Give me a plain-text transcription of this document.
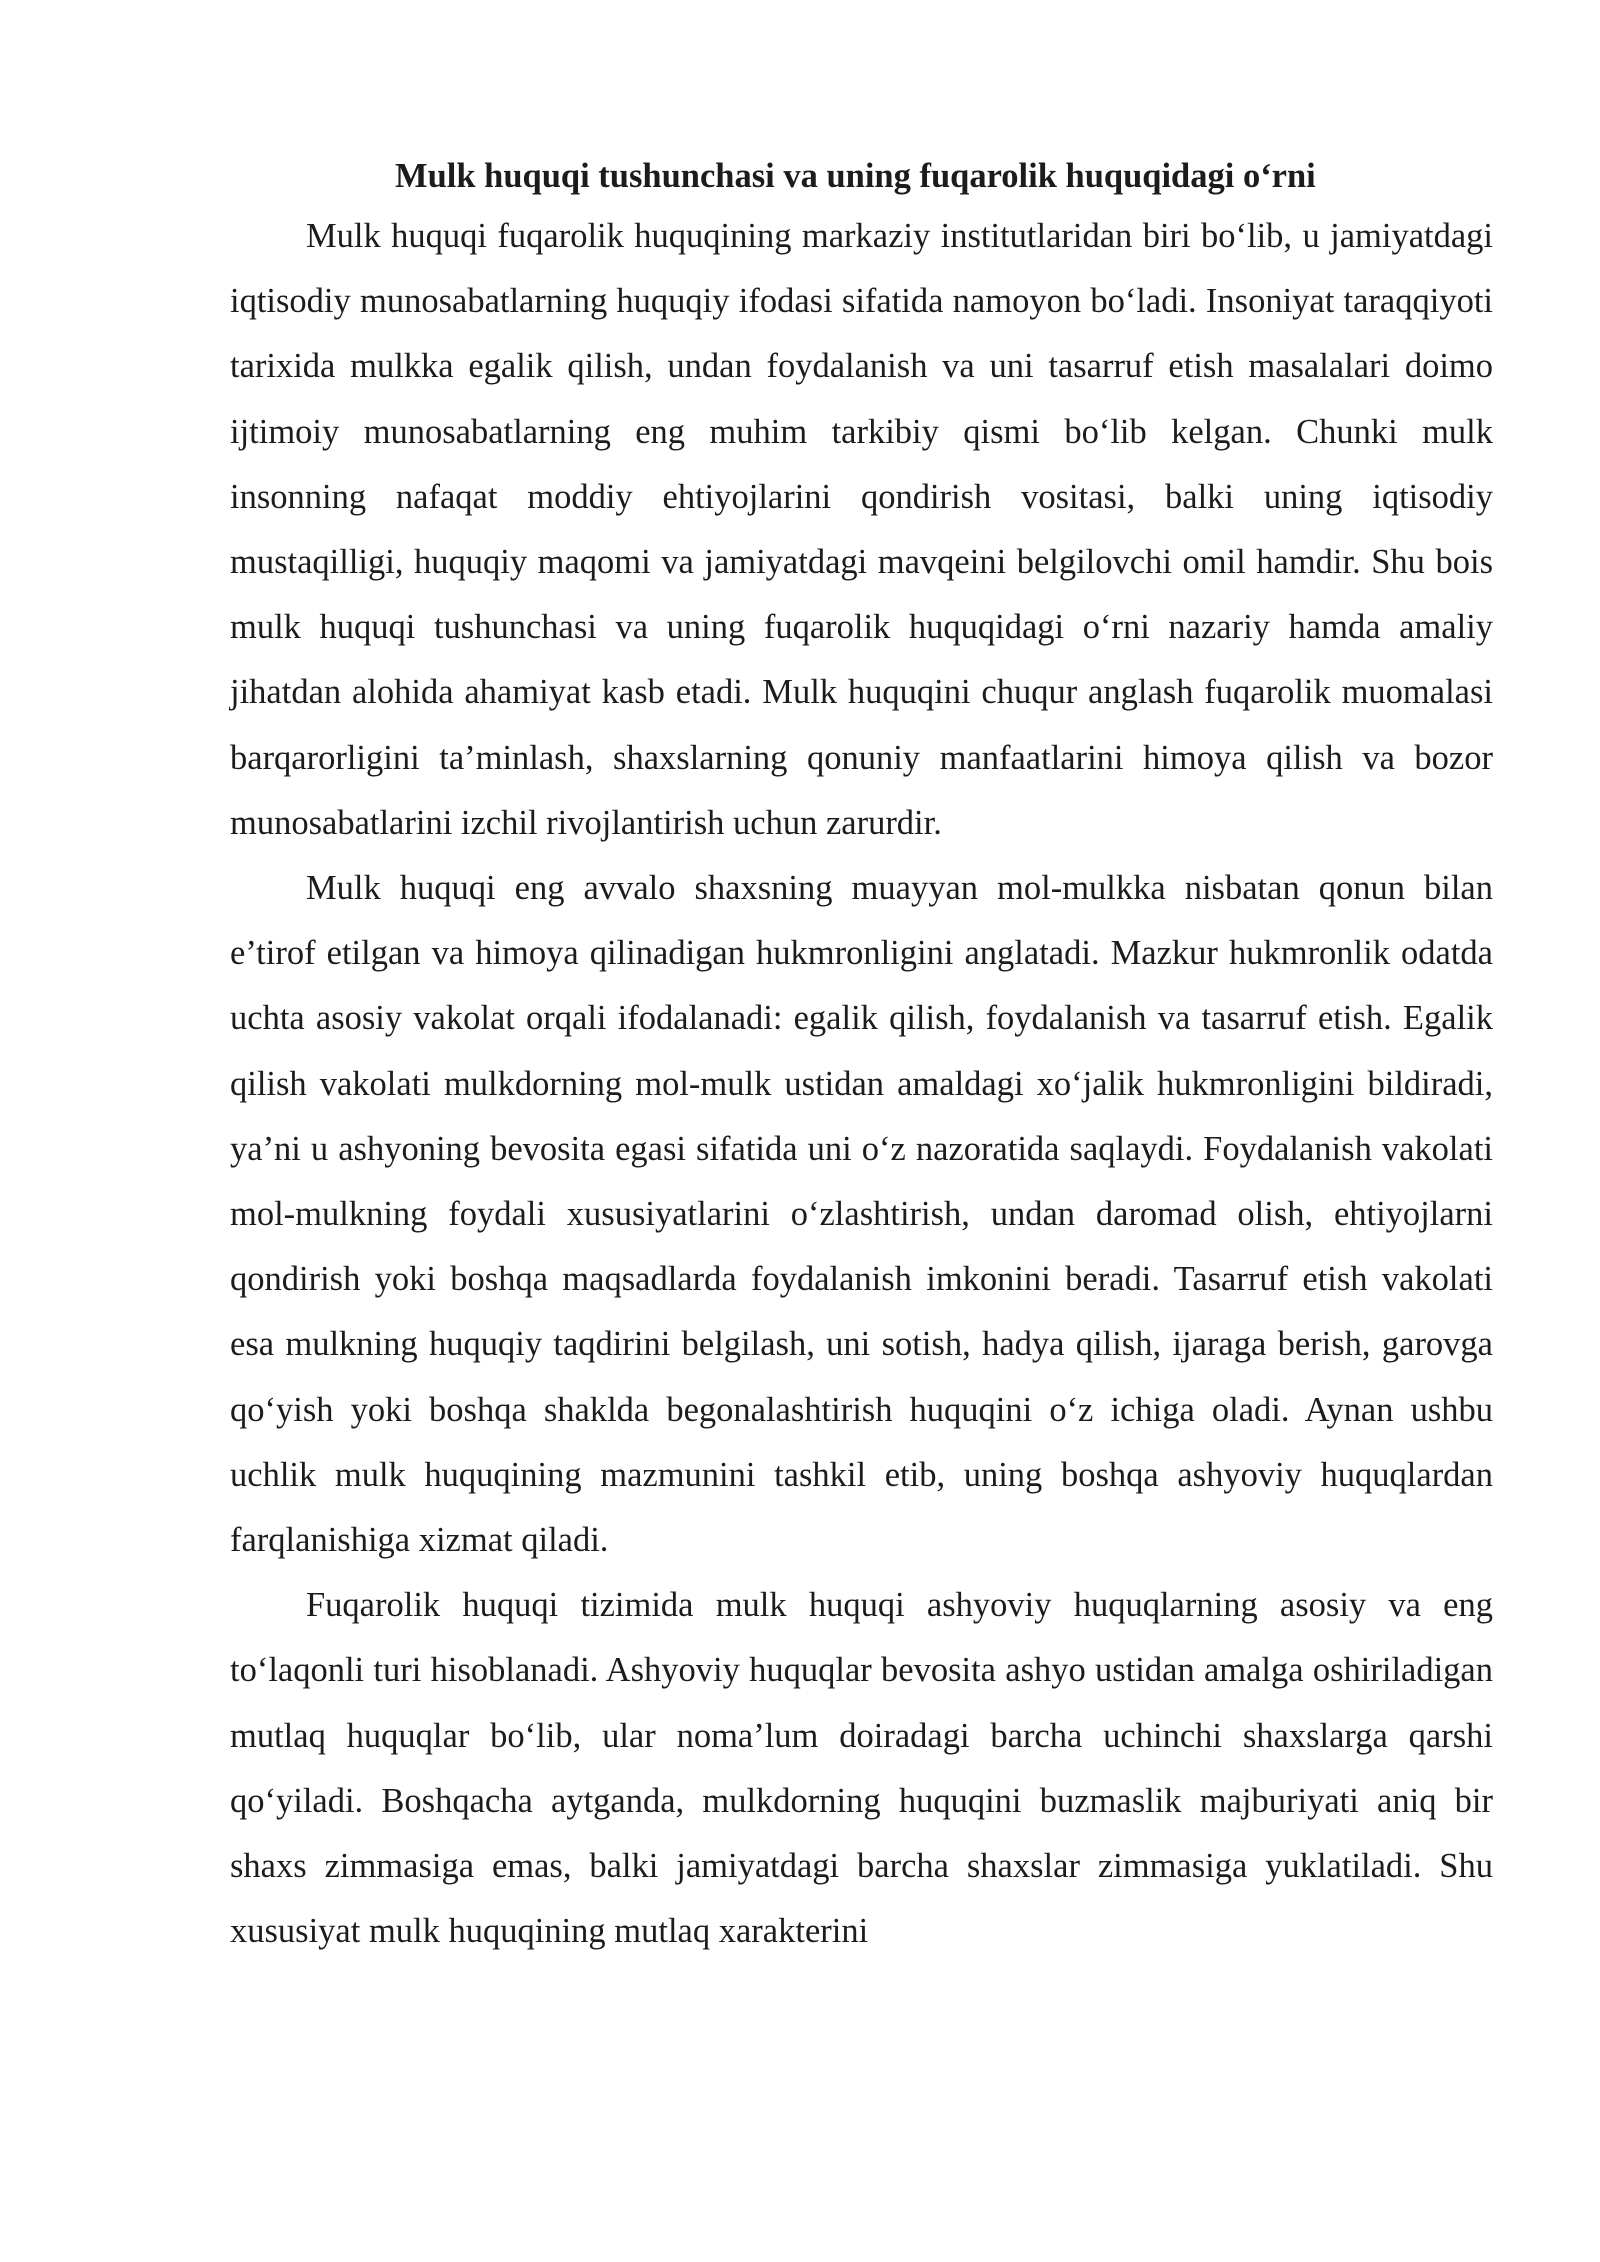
Mulk huquqi tushunchasi va uning fuqarolik huquqidagi o‘rni

Mulk huquqi fuqarolik huquqining markaziy institutlaridan biri bo‘lib, u jamiyatdagi iqtisodiy munosabatlarning huquqiy ifodasi sifatida namoyon bo‘ladi. Insoniyat taraqqiyoti tarixida mulkka egalik qilish, undan foydalanish va uni tasarruf etish masalalari doimo ijtimoiy munosabatlarning eng muhim tarkibiy qismi bo‘lib kelgan. Chunki mulk insonning nafaqat moddiy ehtiyojlarini qondirish vositasi, balki uning iqtisodiy mustaqilligi, huquqiy maqomi va jamiyatdagi mavqeini belgilovchi omil hamdir. Shu bois mulk huquqi tushunchasi va uning fuqarolik huquqidagi o‘rni nazariy hamda amaliy jihatdan alohida ahamiyat kasb etadi. Mulk huquqini chuqur anglash fuqarolik muomalasi barqarorligini ta’minlash, shaxslarning qonuniy manfaatlarini himoya qilish va bozor munosabatlarini izchil rivojlantirish uchun zarurdir.

Mulk huquqi eng avvalo shaxsning muayyan mol-mulkka nisbatan qonun bilan e’tirof etilgan va himoya qilinadigan hukmronligini anglatadi. Mazkur hukmronlik odatda uchta asosiy vakolat orqali ifodalanadi: egalik qilish, foydalanish va tasarruf etish. Egalik qilish vakolati mulkdorning mol-mulk ustidan amaldagi xo‘jalik hukmronligini bildiradi, ya’ni u ashyoning bevosita egasi sifatida uni o‘z nazoratida saqlaydi. Foydalanish vakolati mol-mulkning foydali xususiyatlarini o‘zlashtirish, undan daromad olish, ehtiyojlarni qondirish yoki boshqa maqsadlarda foydalanish imkonini beradi. Tasarruf etish vakolati esa mulkning huquqiy taqdirini belgilash, uni sotish, hadya qilish, ijaraga berish, garovga qo‘yish yoki boshqa shaklda begonalashtirish huquqini o‘z ichiga oladi. Aynan ushbu uchlik mulk huquqining mazmunini tashkil etib, uning boshqa ashyoviy huquqlardan farqlanishiga xizmat qiladi.

Fuqarolik huquqi tizimida mulk huquqi ashyoviy huquqlarning asosiy va eng to‘laqonli turi hisoblanadi. Ashyoviy huquqlar bevosita ashyo ustidan amalga oshiriladigan mutlaq huquqlar bo‘lib, ular noma’lum doiradagi barcha uchinchi shaxslarga qarshi qo‘yiladi. Boshqacha aytganda, mulkdorning huquqini buzmaslik majburiyati aniq bir shaxs zimmasiga emas, balki jamiyatdagi barcha shaxslar zimmasiga yuklatiladi. Shu xususiyat mulk huquqining mutlaq xarakterini
